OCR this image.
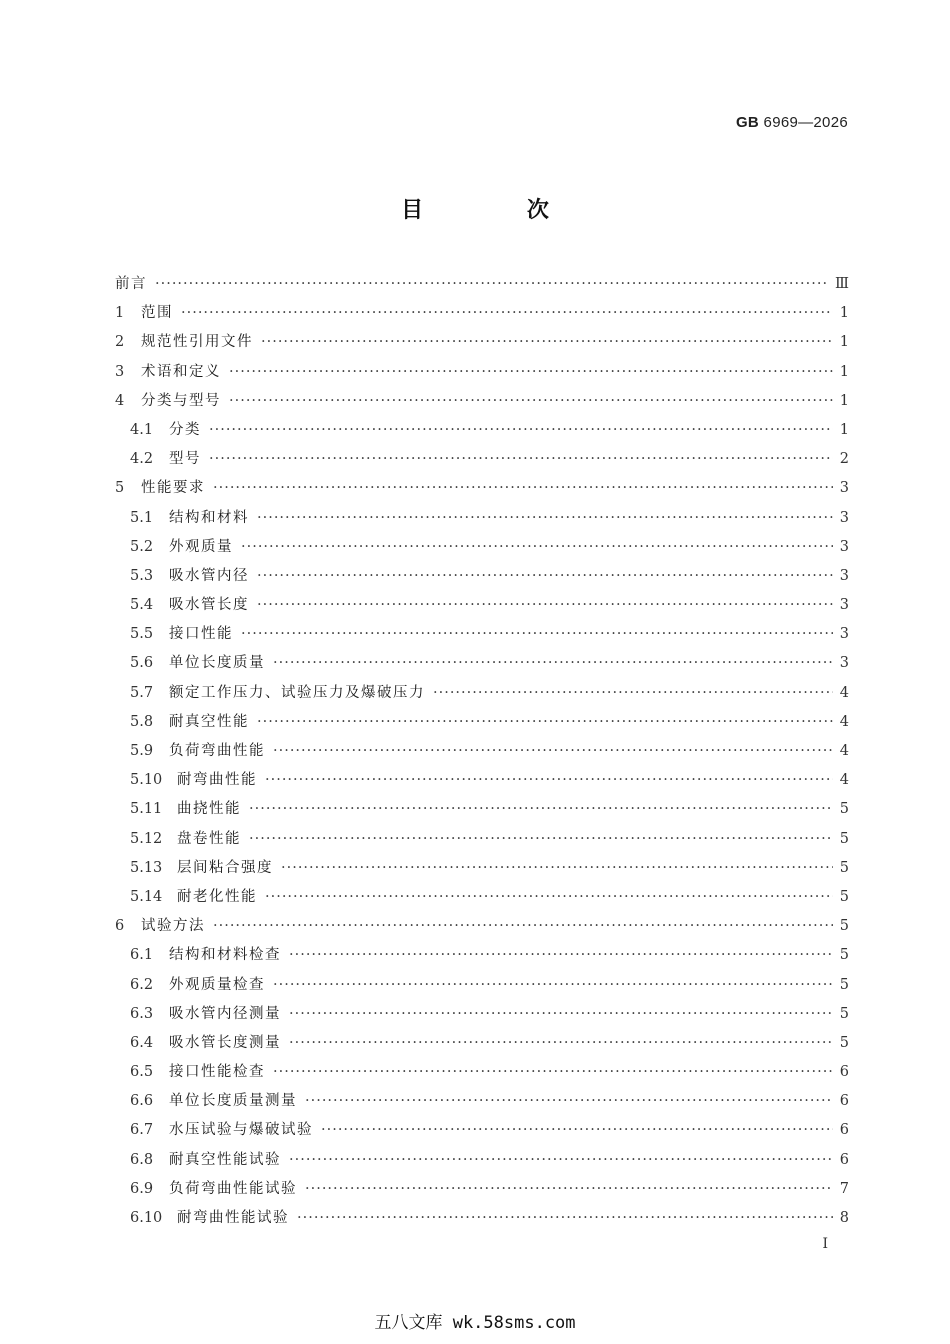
GB 6969—2026
目 次
前言 ·····	Ⅲ
1	范围 ·····	1
2	规范性引用文件 ·····	1
3	术语和定义 ·····	1
4	分类与型号 ·····	1
4.1	分类 ·····	1
4.2	型号 ·····	2
5	性能要求 ·····	3
5.1	结构和材料 ·····	3
5.2	外观质量 ·····	3
5.3	吸水管内径 ·····	3
5.4	吸水管长度 ·····	3
5.5	接口性能 ·····	3
5.6	单位长度质量 ·····	3
5.7	额定工作压力、试验压力及爆破压力 ·····	4
5.8	耐真空性能 ·····	4
5.9	负荷弯曲性能 ·····	4
5.10	耐弯曲性能 ·····	4
5.11	曲挠性能 ·····	5
5.12	盘卷性能 ·····	5
5.13	层间粘合强度 ·····	5
5.14	耐老化性能 ·····	5
6	试验方法 ·····	5
6.1	结构和材料检查 ·····	5
6.2	外观质量检查 ·····	5
6.3	吸水管内径测量 ·····	5
6.4	吸水管长度测量 ·····	5
6.5	接口性能检查 ·····	6
6.6	单位长度质量测量 ·····	6
6.7	水压试验与爆破试验 ·····	6
6.8	耐真空性能试验 ·····	6
6.9	负荷弯曲性能试验 ·····	7
6.10	耐弯曲性能试验 ·····	8
I
五八文库 wk.58sms.com
